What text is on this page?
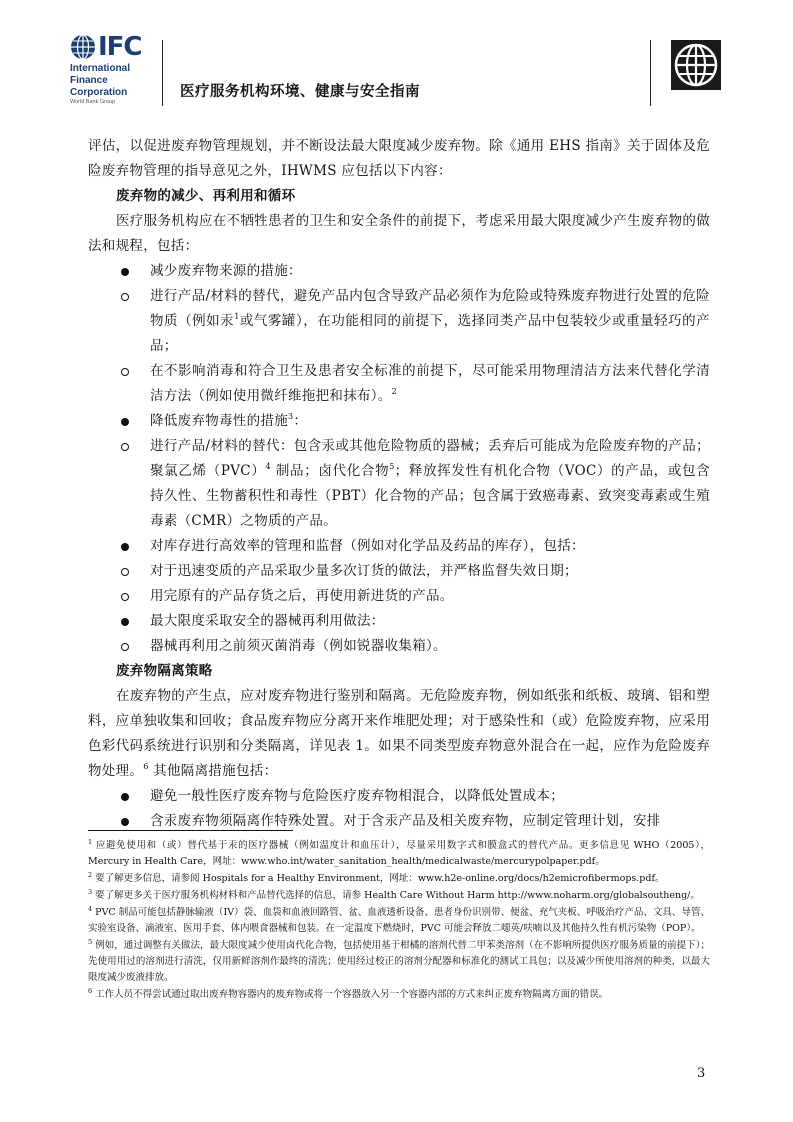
IFC
International
Finance
Corporation
World Bank Group
医疗服务机构环境、健康与安全指南

评估，以促进废弃物管理规划，并不断设法最大限度减少废弃物。除《通用 EHS 指南》关于固体及危险废弃物管理的指导意见之外，IHWMS 应包括以下内容：

废弃物的减少、再利用和循环

医疗服务机构应在不牺牲患者的卫生和安全条件的前提下，考虑采用最大限度减少产生废弃物的做法和规程，包括：

减少废弃物来源的措施：
进行产品/材料的替代，避免产品内包含导致产品必须作为危险或特殊废弃物进行处置的危险物质（例如汞$^1$或气雾罐），在功能相同的前提下，选择同类产品中包装较少或重量轻巧的产品；
在不影响消毒和符合卫生及患者安全标准的前提下，尽可能采用物理清洁方法来代替化学清洁方法（例如使用微纤维拖把和抹布）。$^2$
降低废弃物毒性的措施$^3$：
进行产品/材料的替代：包含汞或其他危险物质的器械；丢弃后可能成为危险废弃物的产品；聚氯乙烯（PVC）$^4$ 制品；卤代化合物$^5$；释放挥发性有机化合物（VOC）的产品，或包含持久性、生物蓄积性和毒性（PBT）化合物的产品；包含属于致癌毒素、致突变毒素或生殖毒素（CMR）之物质的产品。
对库存进行高效率的管理和监督（例如对化学品及药品的库存），包括：
对于迅速变质的产品采取少量多次订货的做法，并严格监督失效日期；
用完原有的产品存货之后，再使用新进货的产品。
最大限度采取安全的器械再利用做法：
器械再利用之前须灭菌消毒（例如锐器收集箱）。

废弃物隔离策略

在废弃物的产生点，应对废弃物进行鉴别和隔离。无危险废弃物，例如纸张和纸板、玻璃、铝和塑料，应单独收集和回收；食品废弃物应分离开来作堆肥处理；对于感染性和（或）危险废弃物，应采用色彩代码系统进行识别和分类隔离，详见表 1。如果不同类型废弃物意外混合在一起，应作为危险废弃物处理。$^6$ 其他隔离措施包括：

避免一般性医疗废弃物与危险医疗废弃物相混合，以降低处置成本；
含汞废弃物须隔离作特殊处置。对于含汞产品及相关废弃物，应制定管理计划，安排

$^1$ 应避免使用和（或）替代基于汞的医疗器械（例如温度计和血压计），尽量采用数字式和膜盒式的替代产品。更多信息见 WHO（2005），Mercury in Health Care，网址：www.who.int/water_sanitation_health/medicalwaste/mercurypolpaper.pdf。

$^2$ 要了解更多信息，请参阅 Hospitals for a Healthy Environment，网址：www.h2e-online.org/docs/h2emicrofibermops.pdf。

$^3$ 要了解更多关于医疗服务机构材料和产品替代选择的信息，请参 Health Care Without Harm http://www.noharm.org/globalsoutheng/。

$^4$ PVC 制品可能包括静脉输液（IV）袋、血袋和血液回路管、盆、血液透析设备、患者身份识别带、便盆、充气夹板、呼吸治疗产品、文具、导管、实验室设备、滴液室、医用手套、体内喂食器械和包装。在一定温度下燃烧时，PVC 可能会释放二噁英/呋喃以及其他持久性有机污染物（POP）。

$^5$ 例如，通过调整有关做法，最大限度减少使用卤代化合物，包括使用基于柑橘的溶剂代替二甲苯类溶剂（在不影响所提供医疗服务质量的前提下）；先使用用过的溶剂进行清洗，仅用新鲜溶剂作最终的清洗；使用经过校正的溶剂分配器和标准化的测试工具包；以及减少所使用溶剂的种类，以最大限度减少废液排放。

$^6$ 工作人员不得尝试通过取出废弃物容器内的废弃物或将一个容器放入另一个容器内部的方式来纠正废弃物隔离方面的错误。

3
